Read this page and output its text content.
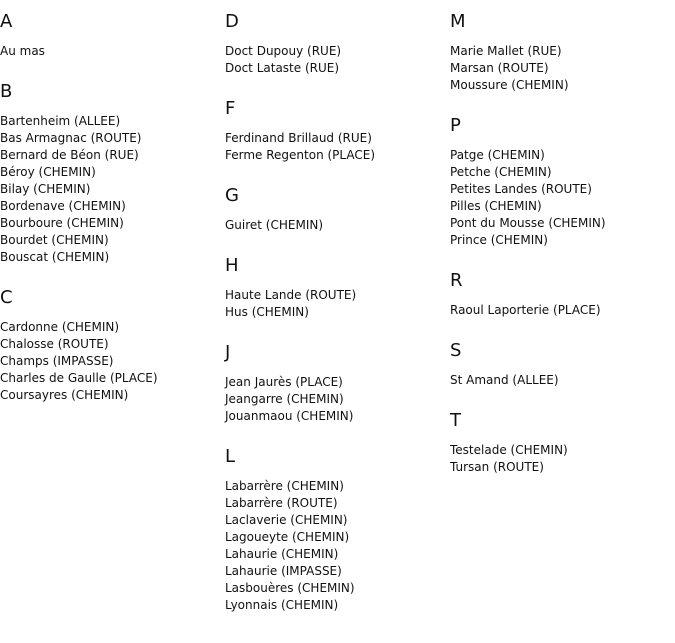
A
Au mas
B
Bartenheim (ALLEE)
Bas Armagnac (ROUTE)
Bernard de Béon (RUE)
Béroy (CHEMIN)
Bilay (CHEMIN)
Bordenave (CHEMIN)
Bourboure (CHEMIN)
Bourdet (CHEMIN)
Bouscat (CHEMIN)
C
Cardonne (CHEMIN)
Chalosse (ROUTE)
Champs (IMPASSE)
Charles de Gaulle (PLACE)
Coursayres (CHEMIN)
D
Doct Dupouy (RUE)
Doct Lataste (RUE)
F
Ferdinand Brillaud (RUE)
Ferme Regenton (PLACE)
G
Guiret (CHEMIN)
H
Haute Lande (ROUTE)
Hus (CHEMIN)
J
Jean Jaurès (PLACE)
Jeangarre (CHEMIN)
Jouanmaou (CHEMIN)
L
Labarrère (CHEMIN)
Labarrère (ROUTE)
Laclaverie (CHEMIN)
Lagoueyte (CHEMIN)
Lahaurie (CHEMIN)
Lahaurie (IMPASSE)
Lasbouères (CHEMIN)
Lyonnais (CHEMIN)
M
Marie Mallet (RUE)
Marsan (ROUTE)
Moussure (CHEMIN)
P
Patge (CHEMIN)
Petche (CHEMIN)
Petites Landes (ROUTE)
Pilles (CHEMIN)
Pont du Mousse (CHEMIN)
Prince (CHEMIN)
R
Raoul Laporterie (PLACE)
S
St Amand (ALLEE)
T
Testelade (CHEMIN)
Tursan (ROUTE)
